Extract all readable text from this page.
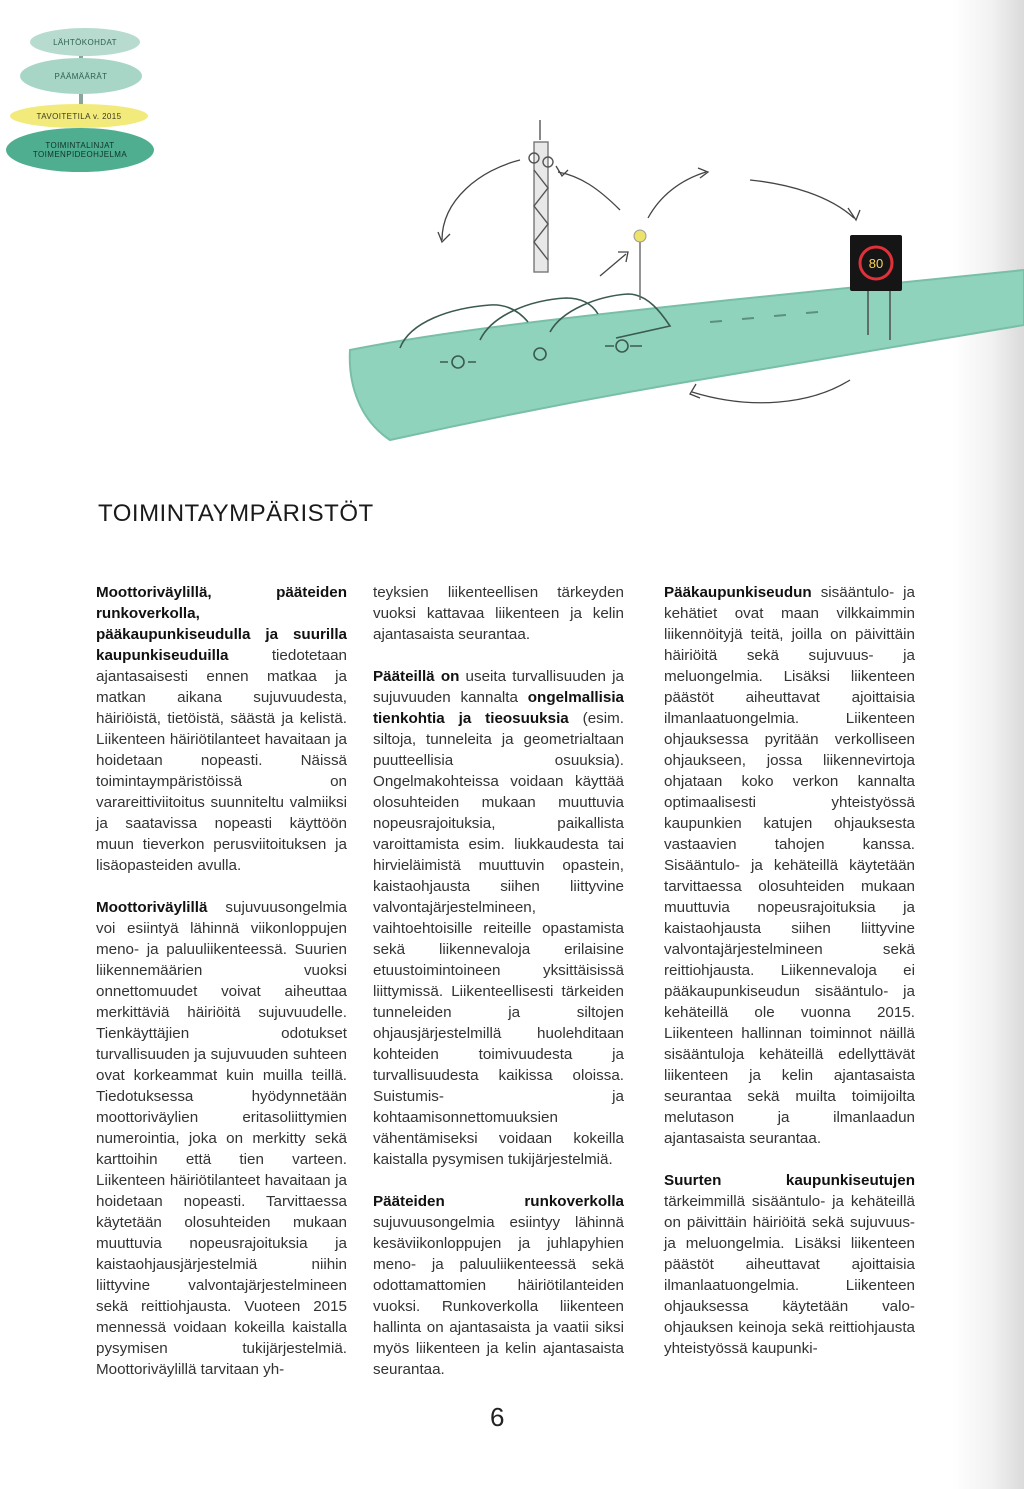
LÄHTÖKOHDAT
PÄÄMÄÄRÄT
TAVOITETILA v. 2015
TOIMINTALINJAT
TOIMENPIDEOHJELMA
80
TOIMINTAYMPÄRISTÖT

Moottoriväylillä, pääteiden runkoverkolla, pääkaupunkiseudulla ja suurilla kaupunkiseuduilla tiedotetaan ajantasaisesti ennen matkaa ja matkan aikana sujuvuudesta, häiriöistä, tietöistä, säästä ja kelistä. Liikenteen häiriötilanteet havaitaan ja hoidetaan nopeasti. Näissä toimintaympäristöissä on varareittiviitoitus suunniteltu valmiiksi ja saatavissa nopeasti käyttöön muun tieverkon perusviitoituksen ja lisäopasteiden avulla.

Moottoriväylillä sujuvuusongelmia voi esiintyä lähinnä viikonloppujen meno- ja paluuliikenteessä. Suurien liikennemäärien vuoksi onnettomuudet voivat aiheuttaa merkittäviä häiriöitä sujuvuudelle. Tienkäyttäjien odotukset turvallisuuden ja sujuvuuden suhteen ovat korkeammat kuin muilla teillä. Tiedotuksessa hyödynnetään moottoriväylien eritasoliittymien numerointia, joka on merkitty sekä karttoihin että tien varteen. Liikenteen häiriötilanteet havaitaan ja hoidetaan nopeasti. Tarvittaessa käytetään olosuhteiden mukaan muuttuvia nopeusrajoituksia ja kaistaohjausjärjestelmiä niihin liittyvine valvontajärjestelmineen sekä reittiohjausta. Vuoteen 2015 mennessä voidaan kokeilla kaistalla pysymisen tukijärjestelmiä. Moottoriväylillä tarvitaan yh-

teyksien liikenteellisen tärkeyden vuoksi kattavaa liikenteen ja kelin ajantasaista seurantaa.

Pääteillä on useita turvallisuuden ja sujuvuuden kannalta ongelmallisia tienkohtia ja tieosuuksia (esim. siltoja, tunneleita ja geometrialtaan puutteellisia osuuksia). Ongelmakohteissa voidaan käyttää olosuhteiden mukaan muuttuvia nopeusrajoituksia, paikallista varoittamista esim. liukkaudesta tai hirvieläimistä muuttuvin opastein, kaistaohjausta siihen liittyvine valvontajärjestelmineen, vaihtoehtoisille reiteille opastamista sekä liikennevaloja erilaisine etuustoimintoineen yksittäisissä liittymissä. Liikenteellisesti tärkeiden tunneleiden ja siltojen ohjausjärjestelmillä huolehditaan kohteiden toimivuudesta ja turvallisuudesta kaikissa oloissa. Suistumis- ja kohtaamisonnettomuuksien vähentämiseksi voidaan kokeilla kaistalla pysymisen tukijärjestelmiä.

Pääteiden runkoverkolla sujuvuusongelmia esiintyy lähinnä kesäviikonloppujen ja juhlapyhien meno- ja paluuliikenteessä sekä odottamattomien häiriötilanteiden vuoksi. Runkoverkolla liikenteen hallinta on ajantasaista ja vaatii siksi myös liikenteen ja kelin ajantasaista seurantaa.

Pääkaupunkiseudun sisääntulo- ja kehätiet ovat maan vilkkaimmin liikennöityjä teitä, joilla on päivittäin häiriöitä sekä sujuvuus- ja meluongelmia. Lisäksi liikenteen päästöt aiheuttavat ajoittaisia ilmanlaatuongelmia. Liikenteen ohjauksessa pyritään verkolliseen ohjaukseen, jossa liikennevirtoja ohjataan koko verkon kannalta optimaalisesti yhteistyössä kaupunkien katujen ohjauksesta vastaavien tahojen kanssa. Sisääntulo- ja kehäteillä käytetään tarvittaessa olosuhteiden mukaan muuttuvia nopeusrajoituksia ja kaistaohjausta siihen liittyvine valvontajärjestelmineen sekä reittiohjausta. Liikennevaloja ei pääkaupunkiseudun sisääntulo- ja kehäteillä ole vuonna 2015. Liikenteen hallinnan toiminnot näillä sisääntuloja kehäteillä edellyttävät liikenteen ja kelin ajantasaista seurantaa sekä muilta toimijoilta melutason ja ilmanlaadun ajantasaista seurantaa.

Suurten kaupunkiseutujen tärkeimmillä sisääntulo- ja kehäteillä on päivittäin häiriöitä sekä sujuvuus- ja meluongelmia. Lisäksi liikenteen päästöt aiheuttavat ajoittaisia ilmanlaatuongelmia. Liikenteen ohjauksessa käytetään valo-ohjauksen keinoja sekä reittiohjausta yhteistyössä kaupunki-

6
